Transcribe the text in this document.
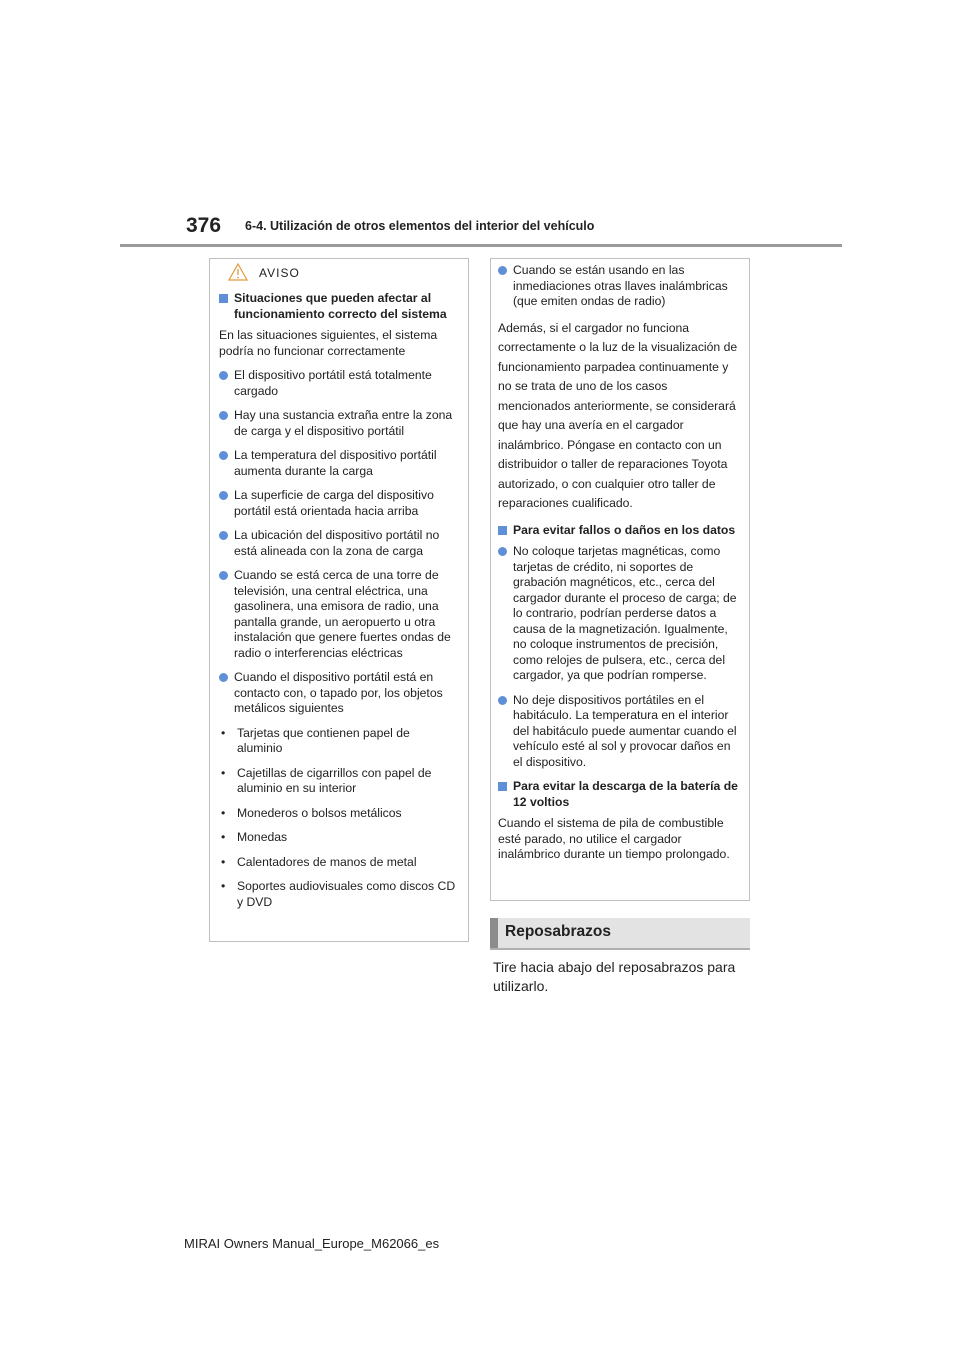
376 6-4. Utilización de otros elementos del interior del vehículo
AVISO
Situaciones que pueden afectar al funcionamiento correcto del sistema
En las situaciones siguientes, el sistema podría no funcionar correctamente
El dispositivo portátil está totalmente cargado
Hay una sustancia extraña entre la zona de carga y el dispositivo portátil
La temperatura del dispositivo portátil aumenta durante la carga
La superficie de carga del dispositivo portátil está orientada hacia arriba
La ubicación del dispositivo portátil no está alineada con la zona de carga
Cuando se está cerca de una torre de televisión, una central eléctrica, una gasolinera, una emisora de radio, una pantalla grande, un aeropuerto u otra instalación que genere fuertes ondas de radio o interferencias eléctricas
Cuando el dispositivo portátil está en contacto con, o tapado por, los objetos metálicos siguientes
• Tarjetas que contienen papel de aluminio
• Cajetillas de cigarrillos con papel de aluminio en su interior
• Monederos o bolsos metálicos
• Monedas
• Calentadores de manos de metal
• Soportes audiovisuales como discos CD y DVD
Cuando se están usando en las inmediaciones otras llaves inalámbricas (que emiten ondas de radio)
Además, si el cargador no funciona correctamente o la luz de la visualización de funcionamiento parpadea continuamente y no se trata de uno de los casos mencionados anteriormente, se considerará que hay una avería en el cargador inalámbrico. Póngase en contacto con un distribuidor o taller de reparaciones Toyota autorizado, o con cualquier otro taller de reparaciones cualificado.
Para evitar fallos o daños en los datos
No coloque tarjetas magnéticas, como tarjetas de crédito, ni soportes de grabación magnéticos, etc., cerca del cargador durante el proceso de carga; de lo contrario, podrían perderse datos a causa de la magnetización. Igualmente, no coloque instrumentos de precisión, como relojes de pulsera, etc., cerca del cargador, ya que podrían romperse.
No deje dispositivos portátiles en el habitáculo. La temperatura en el interior del habitáculo puede aumentar cuando el vehículo esté al sol y provocar daños en el dispositivo.
Para evitar la descarga de la batería de 12 voltios
Cuando el sistema de pila de combustible esté parado, no utilice el cargador inalámbrico durante un tiempo prolongado.
Reposabrazos
Tire hacia abajo del reposabrazos para utilizarlo.
MIRAI Owners Manual_Europe_M62066_es
